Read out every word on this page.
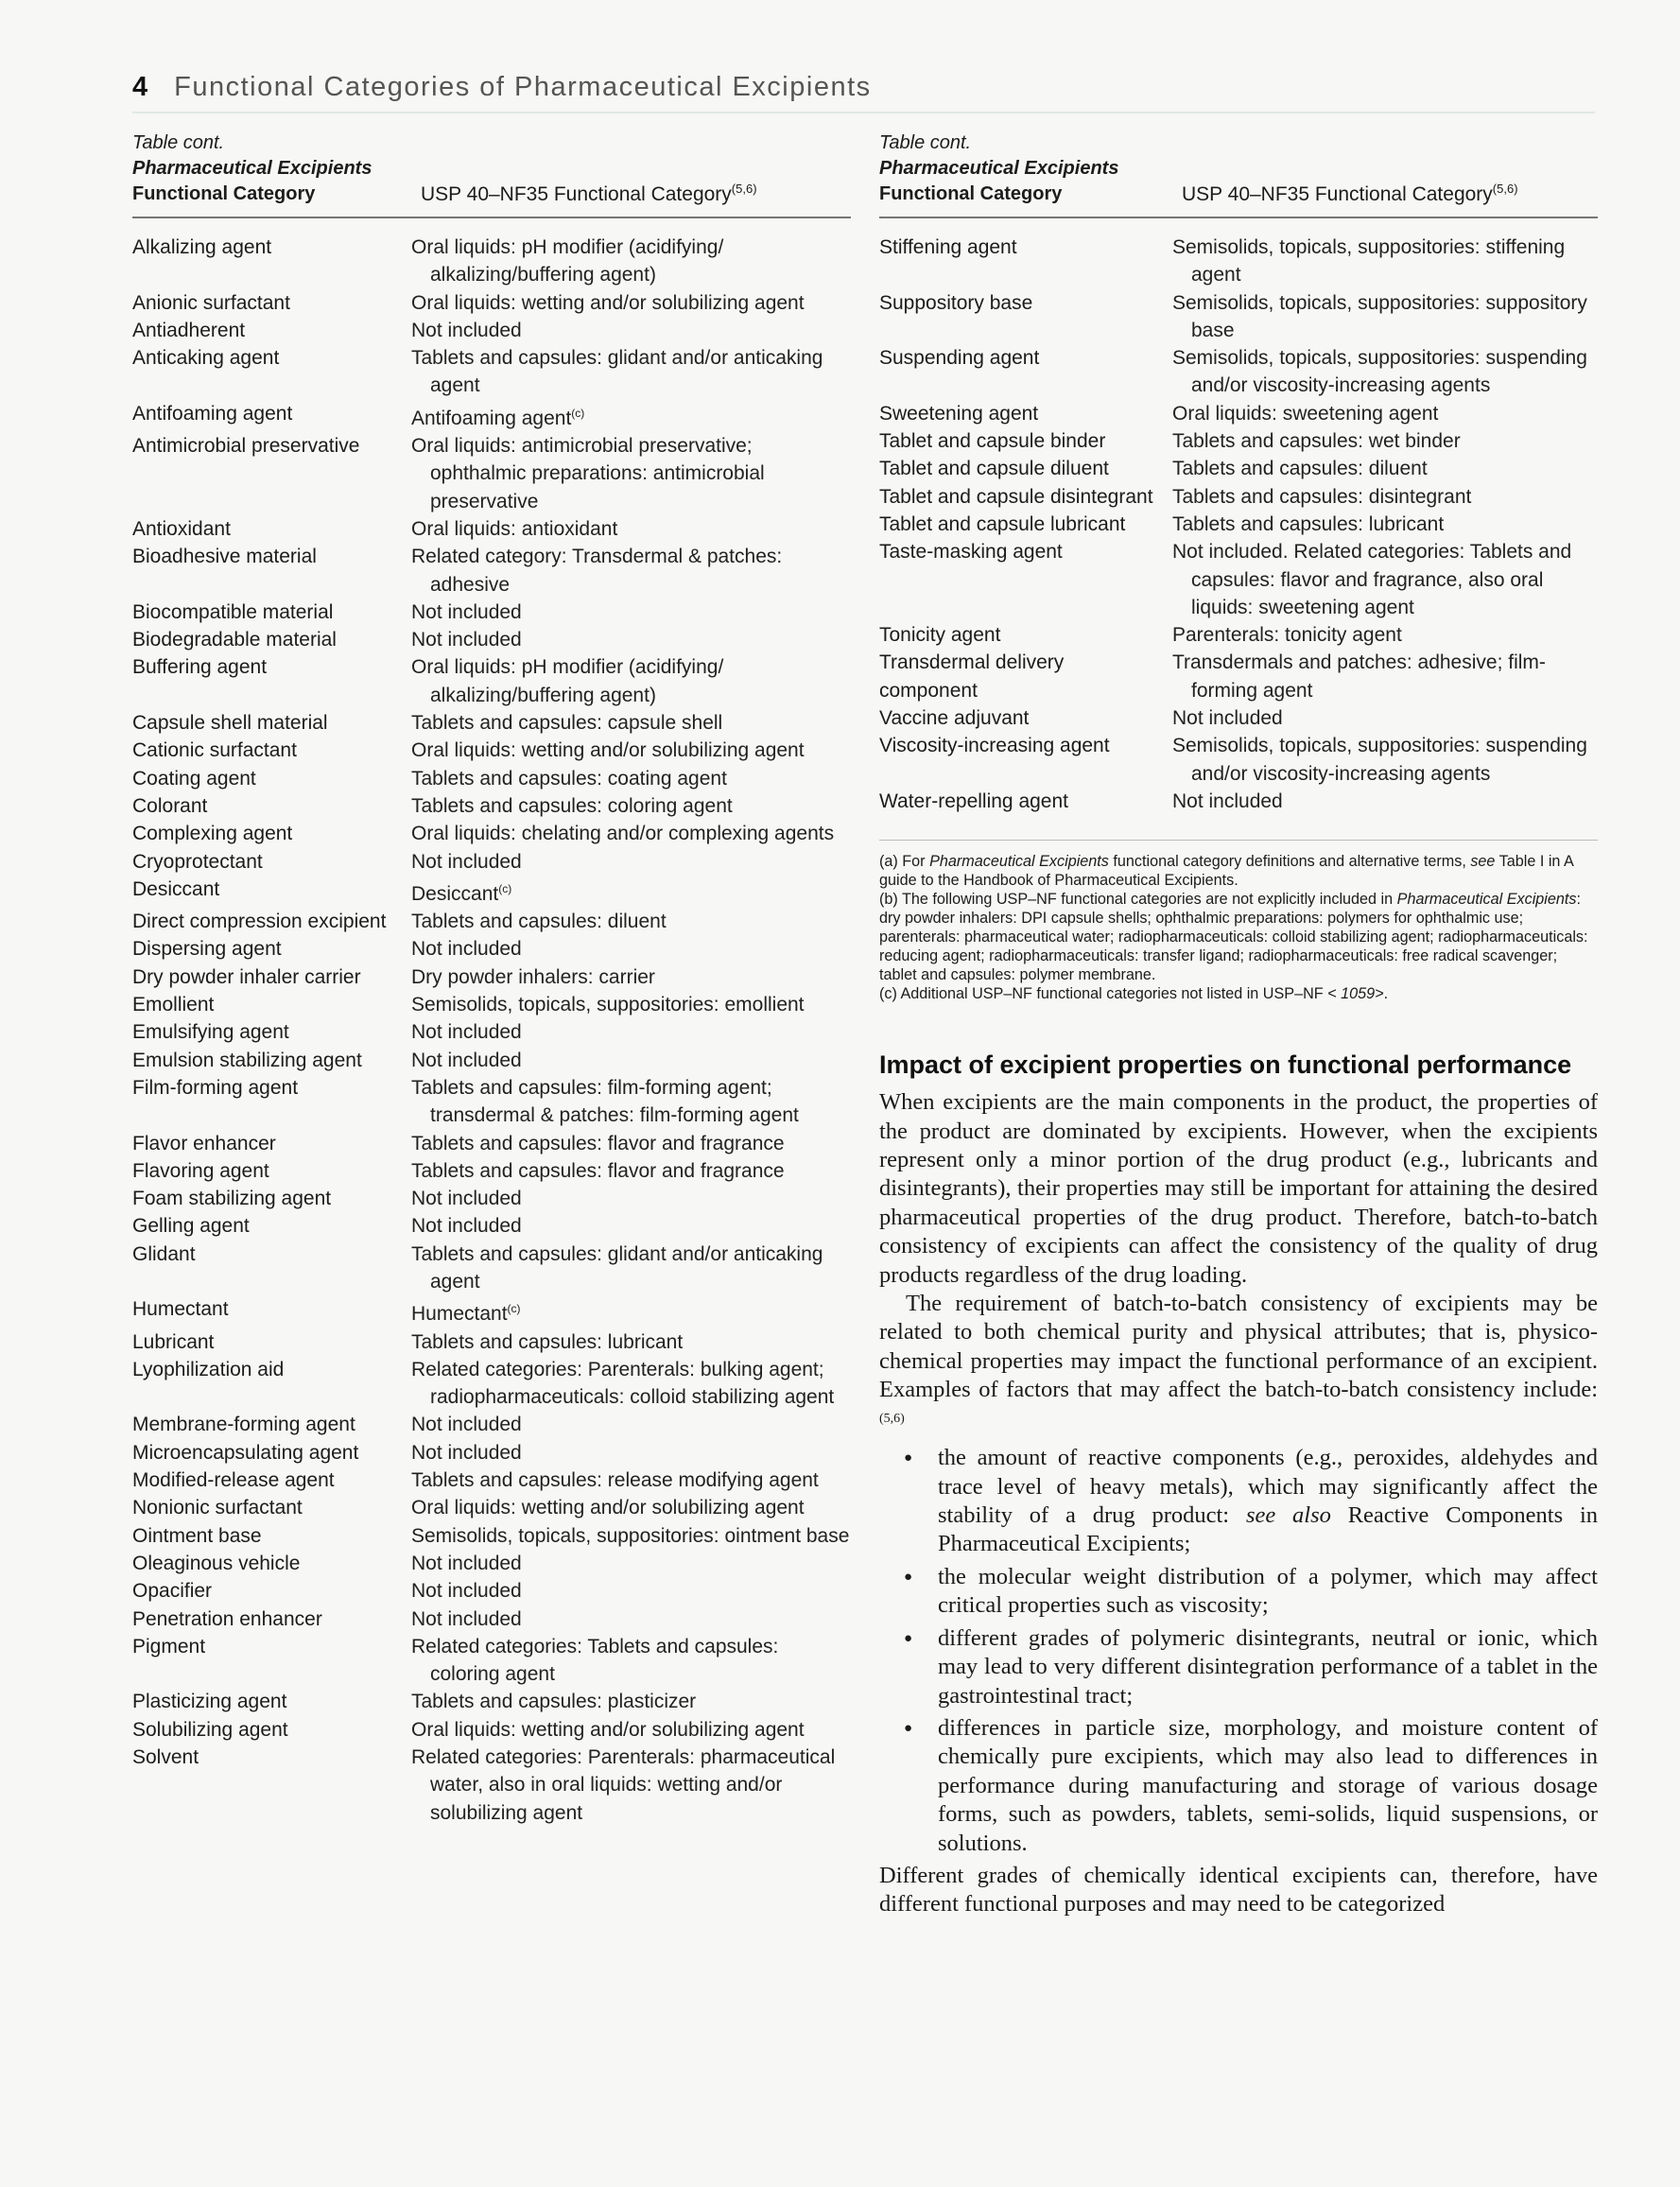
4 Functional Categories of Pharmaceutical Excipients
Table cont.
Pharmaceutical Excipients
Functional Category	USP 40–NF35 Functional Category$^{(5,6)}$
Alkalizing agent	Oral liquids: pH modifier (acidifying/ alkalizing/buffering agent)
Anionic surfactant	Oral liquids: wetting and/or solubilizing agent
Antiadherent	Not included
Anticaking agent	Tablets and capsules: glidant and/or anticaking agent
Antifoaming agent	Antifoaming agent$^{(c)}$
Antimicrobial preservative	Oral liquids: antimicrobial preservative; ophthalmic preparations: antimicrobial preservative
Antioxidant	Oral liquids: antioxidant
Bioadhesive material	Related category: Transdermal & patches: adhesive
Biocompatible material	Not included
Biodegradable material	Not included
Buffering agent	Oral liquids: pH modifier (acidifying/ alkalizing/buffering agent)
Capsule shell material	Tablets and capsules: capsule shell
Cationic surfactant	Oral liquids: wetting and/or solubilizing agent
Coating agent	Tablets and capsules: coating agent
Colorant	Tablets and capsules: coloring agent
Complexing agent	Oral liquids: chelating and/or complexing agents
Cryoprotectant	Not included
Desiccant	Desiccant$^{(c)}$
Direct compression excipient	Tablets and capsules: diluent
Dispersing agent	Not included
Dry powder inhaler carrier	Dry powder inhalers: carrier
Emollient	Semisolids, topicals, suppositories: emollient
Emulsifying agent	Not included
Emulsion stabilizing agent	Not included
Film-forming agent	Tablets and capsules: film-forming agent; transdermal & patches: film-forming agent
Flavor enhancer	Tablets and capsules: flavor and fragrance
Flavoring agent	Tablets and capsules: flavor and fragrance
Foam stabilizing agent	Not included
Gelling agent	Not included
Glidant	Tablets and capsules: glidant and/or anticaking agent
Humectant	Humectant$^{(c)}$
Lubricant	Tablets and capsules: lubricant
Lyophilization aid	Related categories: Parenterals: bulking agent; radiopharmaceuticals: colloid stabilizing agent
Membrane-forming agent	Not included
Microencapsulating agent	Not included
Modified-release agent	Tablets and capsules: release modifying agent
Nonionic surfactant	Oral liquids: wetting and/or solubilizing agent
Ointment base	Semisolids, topicals, suppositories: ointment base
Oleaginous vehicle	Not included
Opacifier	Not included
Penetration enhancer	Not included
Pigment	Related categories: Tablets and capsules: coloring agent
Plasticizing agent	Tablets and capsules: plasticizer
Solubilizing agent	Oral liquids: wetting and/or solubilizing agent
Solvent	Related categories: Parenterals: pharmaceutical water, also in oral liquids: wetting and/or solubilizing agent
Table cont.
Pharmaceutical Excipients
Functional Category	USP 40–NF35 Functional Category$^{(5,6)}$
Stiffening agent	Semisolids, topicals, suppositories: stiffening agent
Suppository base	Semisolids, topicals, suppositories: suppository base
Suspending agent	Semisolids, topicals, suppositories: suspending and/or viscosity-increasing agents
Sweetening agent	Oral liquids: sweetening agent
Tablet and capsule binder	Tablets and capsules: wet binder
Tablet and capsule diluent	Tablets and capsules: diluent
Tablet and capsule disintegrant	Tablets and capsules: disintegrant
Tablet and capsule lubricant	Tablets and capsules: lubricant
Taste-masking agent	Not included. Related categories: Tablets and capsules: flavor and fragrance, also oral liquids: sweetening agent
Tonicity agent	Parenterals: tonicity agent
Transdermal delivery component	Transdermals and patches: adhesive; film-forming agent
Vaccine adjuvant	Not included
Viscosity-increasing agent	Semisolids, topicals, suppositories: suspending and/or viscosity-increasing agents
Water-repelling agent	Not included

(a) For Pharmaceutical Excipients functional category definitions and alternative terms, see Table I in A guide to the Handbook of Pharmaceutical Excipients.

(b) The following USP–NF functional categories are not explicitly included in Pharmaceutical Excipients: dry powder inhalers: DPI capsule shells; ophthalmic preparations: polymers for ophthalmic use; parenterals: pharmaceutical water; radiopharmaceuticals: colloid stabilizing agent; radiopharmaceuticals: reducing agent; radiopharmaceuticals: transfer ligand; radiopharmaceuticals: free radical scavenger; tablet and capsules: polymer membrane.

(c) Additional USP–NF functional categories not listed in USP–NF < 1059>.

Impact of excipient properties on functional performance

When excipients are the main components in the product, the properties of the product are dominated by excipients. However, when the excipients represent only a minor portion of the drug product (e.g., lubricants and disintegrants), their properties may still be important for attaining the desired pharmaceutical properties of the drug product. Therefore, batch-to-batch consistency of excipients can affect the consistency of the quality of drug products regardless of the drug loading.

The requirement of batch-to-batch consistency of excipients may be related to both chemical purity and physical attributes; that is, physico-chemical properties may impact the functional performance of an excipient. Examples of factors that may affect the batch-to-batch consistency include:$^{(5,6)}$

● the amount of reactive components (e.g., peroxides, aldehydes and trace level of heavy metals), which may significantly affect the stability of a drug product: see also Reactive Components in Pharmaceutical Excipients;
● the molecular weight distribution of a polymer, which may affect critical properties such as viscosity;
● different grades of polymeric disintegrants, neutral or ionic, which may lead to very different disintegration performance of a tablet in the gastrointestinal tract;
● differences in particle size, morphology, and moisture content of chemically pure excipients, which may also lead to differences in performance during manufacturing and storage of various dosage forms, such as powders, tablets, semi-solids, liquid suspensions, or solutions.

Different grades of chemically identical excipients can, therefore, have different functional purposes and may need to be categorized
